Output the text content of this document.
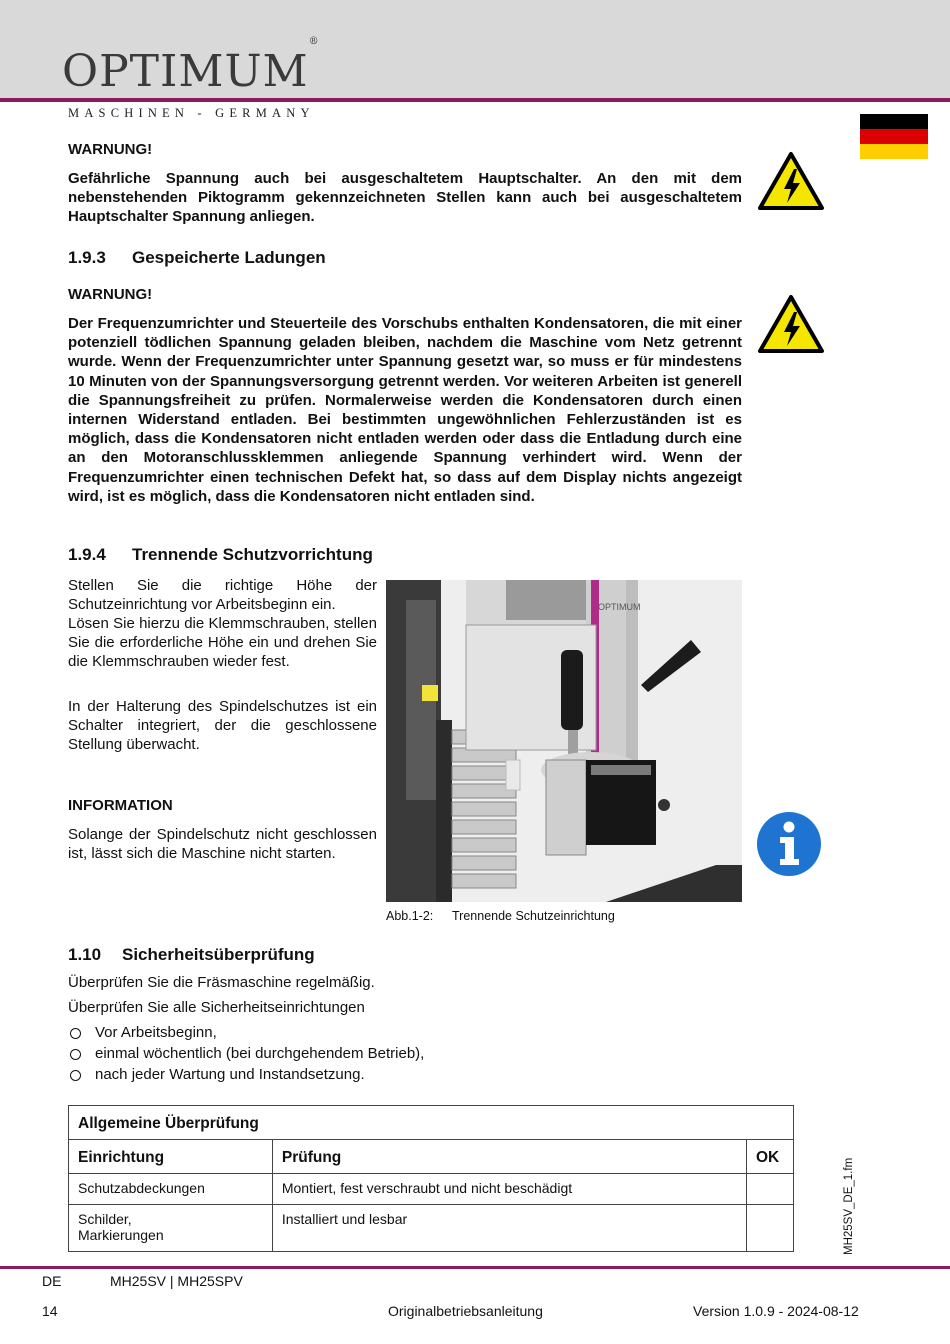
OPTIMUM®
MASCHINEN - GERMANY
WARNUNG!
Gefährliche Spannung auch bei ausgeschaltetem Hauptschalter. An den mit dem nebenstehenden Piktogramm gekennzeichneten Stellen kann auch bei ausgeschaltetem Hauptschalter Spannung anliegen.
1.9.3 Gespeicherte Ladungen
WARNUNG!
Der Frequenzumrichter und Steuerteile des Vorschubs enthalten Kondensatoren, die mit einer potenziell tödlichen Spannung geladen bleiben, nachdem die Maschine vom Netz getrennt wurde. Wenn der Frequenzumrichter unter Spannung gesetzt war, so muss er für mindestens 10 Minuten von der Spannungsversorgung getrennt werden. Vor weiteren Arbeiten ist generell die Spannungsfreiheit zu prüfen. Normalerweise werden die Kondensatoren durch einen internen Widerstand entladen. Bei bestimmten ungewöhnlichen Fehlerzuständen ist es möglich, dass die Kondensatoren nicht entladen werden oder dass die Entladung durch eine an den Motoranschlussklemmen anliegende Spannung verhindert wird. Wenn der Frequenzumrichter einen technischen Defekt hat, so dass auf dem Display nichts angezeigt wird, ist es möglich, dass die Kondensatoren nicht entladen sind.
1.9.4 Trennende Schutzvorrichtung
Stellen Sie die richtige Höhe der Schutzeinrichtung vor Arbeitsbeginn ein.
Lösen Sie hierzu die Klemmschrauben, stellen Sie die erforderliche Höhe ein und drehen Sie die Klemmschrauben wieder fest.
In der Halterung des Spindelschutzes ist ein Schalter integriert, der die geschlossene Stellung überwacht.
INFORMATION
Solange der Spindelschutz nicht geschlossen ist, lässt sich die Maschine nicht starten.
OPTIMUM
Abb.1-2: Trennende Schutzeinrichtung
1.10 Sicherheitsüberprüfung
Überprüfen Sie die Fräsmaschine regelmäßig.
Überprüfen Sie alle Sicherheitseinrichtungen
Vor Arbeitsbeginn,
einmal wöchentlich (bei durchgehendem Betrieb),
nach jeder Wartung und Instandsetzung.
Allgemeine Überprüfung		
Einrichtung	Prüfung	OK
Schutzabdeckungen	Montiert, fest verschraubt und nicht beschädigt	
Schilder,
Markierungen	Installiert und lesbar		MH25SV_DE_1.fm
DE	MH25SV | MH25SPV
14	Originalbetriebsanleitung	Version 1.0.9 - 2024-08-12
